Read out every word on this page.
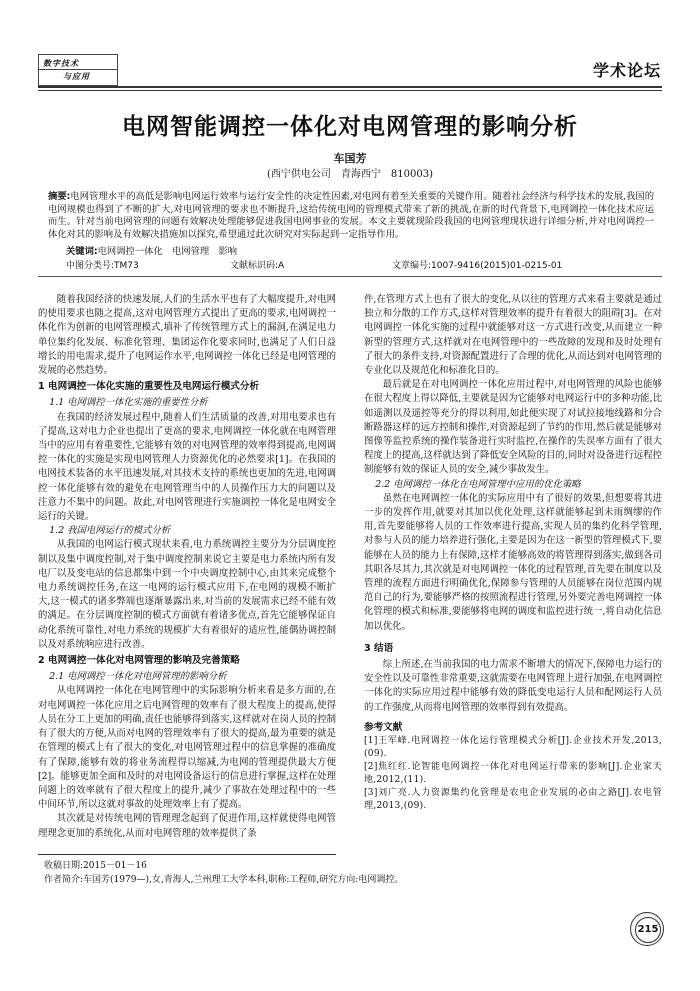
数字技术
与应用	学术论坛
电网智能调控一体化对电网管理的影响分析
车国芳
(西宁供电公司　青海西宁　810003)
摘要:电网管理水平的高低是影响电网运行效率与运行安全性的决定性因素,对电网有着至关重要的关键作用。随着社会经济与科学技术的发展,我国的电网规模也得到了不断的扩大,对电网管理的要求也不断提升,这给传统电网的管理模式带来了新的挑战,在新的时代背景下,电网调控一体化技术应运而生。针对当前电网管理的问题有效解决处理能够促进我国电网事业的发展。本文主要就现阶段我国的电网管理现状进行详细分析,并对电网调控一体化对其的影响及有效解决措施加以探究,希望通过此次研究对实际起到一定指导作用。
关键词:电网调控一体化　电网管理　影响
中图分类号:TM73	文献标识码:A	文章编号:1007-9416(2015)01-0215-01

随着我国经济的快速发展,人们的生活水平也有了大幅度提升,对电网的使用要求也随之提高,这对电网管理方式提出了更高的要求,电网调控一体化作为创新的电网管理模式,填补了传统管理方式上的漏洞,在满足电力单位集约化发展、标准化管理、集团运作化要求同时,也满足了人们日益增长的用电需求,提升了电网运作水平,电网调控一体化已经是电网管理的发展的必然趋势。

1 电网调控一体化实施的重要性及电网运行模式分析

1.1 电网调控一体化实施的重要性分析

在我国的经济发展过程中,随着人们生活质量的改善,对用电要求也有了提高,这对电力企业也提出了更高的要求,电网调控一体化就在电网管理当中的应用有着重要性,它能够有效的对电网管理的效率得到提高,电网调控一体化的实施是实现电网管理人力资源优化的必然要求[1]。在我国的电网技术装备的水平迅速发展,对其技术支持的系统也更加的先进,电网调控一体化能够有效的避免在电网管理当中的人员操作压力大的问题以及注意力不集中的问题。故此,对电网管理进行实施调控一体化是电网安全运行的关键。

1.2 我国电网运行的模式分析

从我国的电网运行模式现状来看,电力系统调控主要分为分层调度控制以及集中调度控制,对于集中调度控制来说它主要是电力系统内所有发电厂以及变电站的信息都集中到一个中央调度控制中心,由其来完成整个电力系统调控任务,在这一电网的运行模式应用下,在电网的规模不断扩大,这一模式的诸多弊端也逐渐暴露出来,对当前的发展需求已经不能有效的满足。在分层调度控制的模式方面就有着诸多优点,首先它能够保证自动化系统可靠性,对电力系统的规模扩大有着很好的适应性,能偶协调控制以及对系统响应进行改善。

2 电网调控一体化对电网管理的影响及完善策略

2.1 电网调控一体化对电网管理的影响分析

从电网调控一体化在电网管理中的实际影响分析来看是多方面的,在对电网调控一体化应用之后电网管理的效率有了很大程度上的提高,使得人员在分工上更加的明确,责任也能够得到落实,这样就对在岗人员的控制有了很大的方便,从而对电网的管理效率有了很大的提高,最为重要的就是在管理的模式上有了很大的变化,对电网管理过程中的信息掌握的准确度有了保障,能够有效的将业务流程得以缩减,为电网的管理提供最大方便[2]。能够更加全面和及时的对电网设备运行的信息进行掌握,这样在处理问题上的效率就有了很大程度上的提升,减少了事故在处理过程中的一些中间环节,所以这就对事故的处理效率上有了提高。

其次就是对传统电网的管理理念起到了促进作用,这样就使得电网管理理念更加的系统化,从而对电网管理的效率提供了条

件,在管理方式上也有了很大的变化,从以往的管理方式来看主要就是通过独立和分散的工作方式,这样对管理效率的提升有着很大的阻碍[3]。在对电网调控一体化实施的过程中就能够对这一方式进行改变,从而建立一种新型的管理方式,这样就对在电网管理中的一些故障的发现和及时处理有了很大的条件支持,对资源配置进行了合理的优化,从而达到对电网管理的专业化以及规范化和标准化目的。

最后就是在对电网调控一体化应用过程中,对电网管理的风险也能够在很大程度上得以降低,主要就是因为它能够对电网运行中的多种功能,比如遥测以及遥控等充分的得以利用,如此便实现了对试拉接地线路和分合断路器这样的远方控制和操作,对资源起到了节约的作用,然后就是能够对图像等监控系统的操作装备进行实时监控,在操作的失误率方面有了很大程度上的提高,这样就达到了降低安全风险的目的,同时对设备进行远程控制能够有效的保证人员的安全,减少事故发生。

2.2 电网调控一体化在电网管理中应用的优化策略

虽然在电网调控一体化的实际应用中有了很好的效果,但想要将其进一步的发挥作用,就要对其加以优化处理,这样就能够起到未雨绸缪的作用,首先要能够将人员的工作效率进行提高,实现人员的集约化科学管理,对参与人员的能力培养进行强化,主要是因为在这一新型的管理模式下,要能够在人员的能力上有保障,这样才能够高效的将管理得到落实,做到各司其职各尽其力,其次就是对电网调控一体化的过程管理,首先要在制度以及管理的流程方面进行明确优化,保障参与管理的人员能够在岗位范围内规范自己的行为,要能够严格的按照流程进行管理,另外要完善电网调控一体化管理的模式和标准,要能够将电网的调度和监控进行统一,将自动化信息加以优化。

3 结语

综上所述,在当前我国的电力需求不断增大的情况下,保障电力运行的安全性以及可靠性非常重要,这就需要在电网管理上进行加强,在电网调控一体化的实际应用过程中能够有效的降低变电运行人员和配网运行人员的工作强度,从而将电网管理的效率得到有效提高。

参考文献

[1]王军峰.电网调控一体化运行管理模式分析[J].企业技术开发,2013,(09).

[2]焦红红.论智能电网调控一体化对电网运行带来的影响[J].企业家天地,2012,(11).

[3]刘广亮.人力资源集约化管理是农电企业发展的必由之路[J].农电管理,2013,(09).

收稿日期:2015－01－16
作者简介:车国芳(1979—),女,青海人,兰州理工大学本科,职称:工程师,研究方向:电网调控。
215
